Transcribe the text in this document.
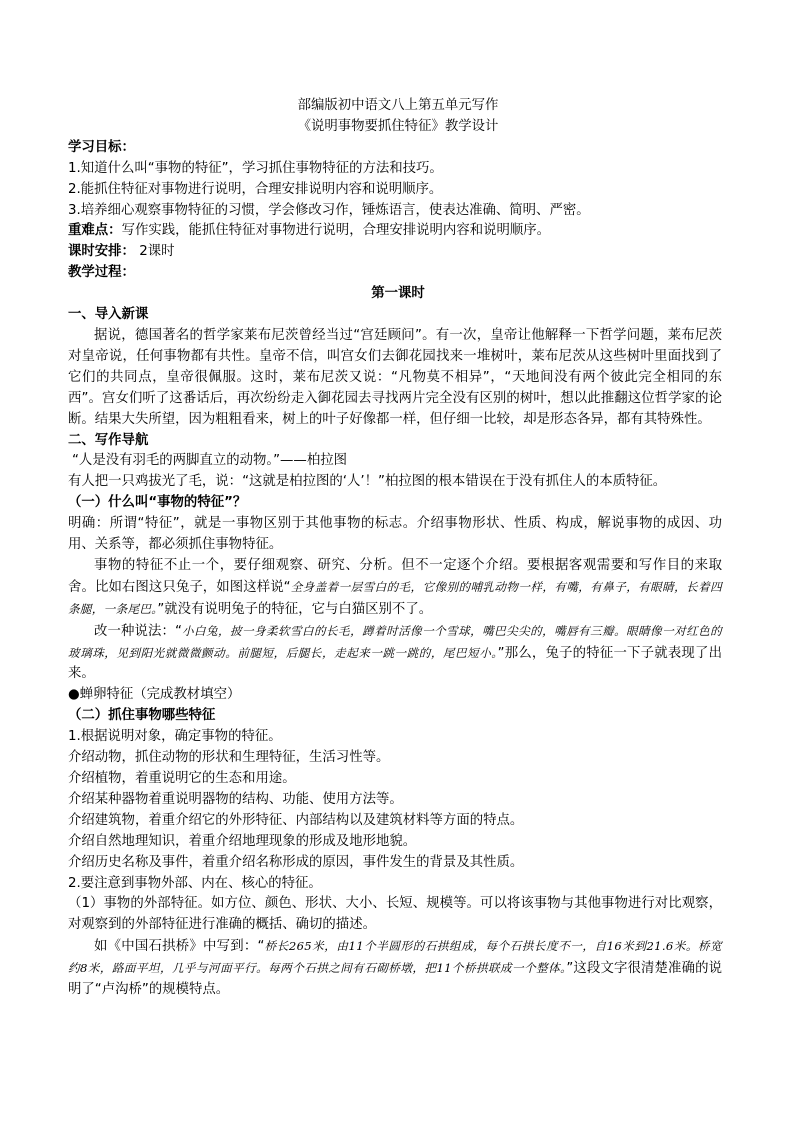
部编版初中语文八上第五单元写作

《说明事物要抓住特征》教学设计

学习目标：

1.知道什么叫“事物的特征”，学习抓住事物特征的方法和技巧。

2.能抓住特征对事物进行说明，合理安排说明内容和说明顺序。

3.培养细心观察事物特征的习惯，学会修改习作，锤炼语言，使表达准确、简明、严密。

重难点：写作实践，能抓住特征对事物进行说明，合理安排说明内容和说明顺序。

课时安排： 2课时

教学过程：

第一课时

一、导入新课

据说，德国著名的哲学家莱布尼茨曾经当过“宫廷顾问”。有一次，皇帝让他解释一下哲学问题，莱布尼茨对皇帝说，任何事物都有共性。皇帝不信，叫宫女们去御花园找来一堆树叶，莱布尼茨从这些树叶里面找到了它们的共同点，皇帝很佩服。这时，莱布尼茨又说：“凡物莫不相异”，“天地间没有两个彼此完全相同的东西”。宫女们听了这番话后，再次纷纷走入御花园去寻找两片完全没有区别的树叶，想以此推翻这位哲学家的论断。结果大失所望，因为粗粗看来，树上的叶子好像都一样，但仔细一比较，却是形态各异，都有其特殊性。

二、写作导航

“人是没有羽毛的两脚直立的动物。”——柏拉图

有人把一只鸡拔光了毛，说：“这就是柏拉图的‘人’！”柏拉图的根本错误在于没有抓住人的本质特征。

（一）什么叫“事物的特征”？

明确：所谓“特征”，就是一事物区别于其他事物的标志。介绍事物形状、性质、构成，解说事物的成因、功用、关系等，都必须抓住事物特征。

事物的特征不止一个，要仔细观察、研究、分析。但不一定逐个介绍。要根据客观需要和写作目的来取舍。比如右图这只兔子，如图这样说“全身盖着一层雪白的毛，它像别的哺乳动物一样，有嘴，有鼻子，有眼睛，长着四条腿，一条尾巴。”就没有说明兔子的特征，它与白猫区别不了。

改一种说法：“小白兔，披一身柔软雪白的长毛，蹲着时活像一个雪球，嘴巴尖尖的，嘴唇有三瓣。眼睛像一对红色的玻璃珠，见到阳光就微微颤动。前腿短，后腿长，走起来一跳一跳的，尾巴短小。”那么，兔子的特征一下子就表现了出来。

●蝉卵特征（完成教材填空）

（二）抓住事物哪些特征

1.根据说明对象，确定事物的特征。

介绍动物，抓住动物的形状和生理特征，生活习性等。

介绍植物，着重说明它的生态和用途。

介绍某种器物着重说明器物的结构、功能、使用方法等。

介绍建筑物，着重介绍它的外形特征、内部结构以及建筑材料等方面的特点。

介绍自然地理知识，着重介绍地理现象的形成及地形地貌。

介绍历史名称及事件，着重介绍名称形成的原因，事件发生的背景及其性质。

2.要注意到事物外部、内在、核心的特征。

（1）事物的外部特征。如方位、颜色、形状、大小、长短、规模等。可以将该事物与其他事物进行对比观察，对观察到的外部特征进行准确的概括、确切的描述。

如《中国石拱桥》中写到：“桥长265米，由11个半圆形的石拱组成，每个石拱长度不一，自16米到21.6米。桥宽约8米，路面平坦，几乎与河面平行。每两个石拱之间有石砌桥墩，把11个桥拱联成一个整体。”这段文字很清楚准确的说明了“卢沟桥”的规模特点。
